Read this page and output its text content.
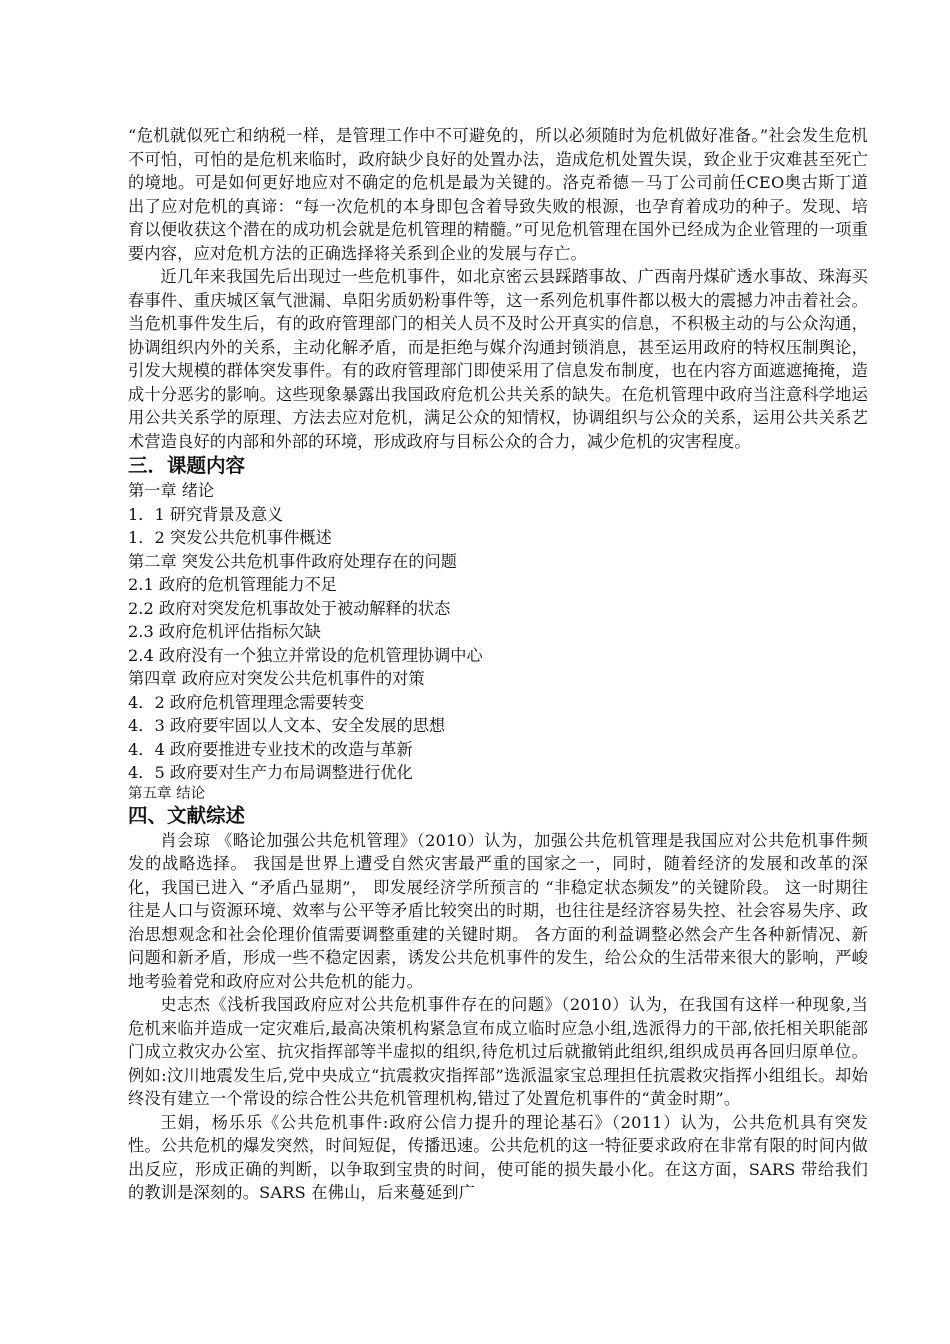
“危机就似死亡和纳税一样，是管理工作中不可避免的，所以必须随时为危机做好准备。”社会发生危机不可怕，可怕的是危机来临时，政府缺少良好的处置办法，造成危机处置失误，致企业于灾难甚至死亡的境地。可是如何更好地应对不确定的危机是最为关键的。洛克希德－马丁公司前任CEO奥古斯丁道出了应对危机的真谛：“每一次危机的本身即包含着导致失败的根源，也孕育着成功的种子。发现、培育以便收获这个潜在的成功机会就是危机管理的精髓。”可见危机管理在国外已经成为企业管理的一项重要内容，应对危机方法的正确选择将关系到企业的发展与存亡。

近几年来我国先后出现过一些危机事件，如北京密云县踩踏事故、广西南丹煤矿透水事故、珠海买春事件、重庆城区氧气泄漏、阜阳劣质奶粉事件等，这一系列危机事件都以极大的震撼力冲击着社会。当危机事件发生后，有的政府管理部门的相关人员不及时公开真实的信息，不积极主动的与公众沟通，协调组织内外的关系，主动化解矛盾，而是拒绝与媒介沟通封锁消息，甚至运用政府的特权压制舆论，引发大规模的群体突发事件。有的政府管理部门即使采用了信息发布制度，也在内容方面遮遮掩掩，造成十分恶劣的影响。这些现象暴露出我国政府危机公共关系的缺失。在危机管理中政府当注意科学地运用公共关系学的原理、方法去应对危机，满足公众的知情权，协调组织与公众的关系，运用公共关系艺术营造良好的内部和外部的环境，形成政府与目标公众的合力，减少危机的灾害程度。

三．课题内容
第一章 绪论
1．1 研究背景及意义
1．2 突发公共危机事件概述
第二章 突发公共危机事件政府处理存在的问题
2.1 政府的危机管理能力不足
2.2 政府对突发危机事故处于被动解释的状态
2.3 政府危机评估指标欠缺
2.4 政府没有一个独立并常设的危机管理协调中心
第四章 政府应对突发公共危机事件的对策
4．2 政府危机管理理念需要转变
4．3 政府要牢固以人文本、安全发展的思想
4．4 政府要推进专业技术的改造与革新
4．5 政府要对生产力布局调整进行优化
第五章 结论
四、文献综述

肖会琼 《略论加强公共危机管理》（2010）认为，加强公共危机管理是我国应对公共危机事件频发的战略选择。 我国是世界上遭受自然灾害最严重的国家之一，同时，随着经济的发展和改革的深化，我国已进入 “矛盾凸显期”， 即发展经济学所预言的 “非稳定状态频发”的关键阶段。 这一时期往往是人口与资源环境、效率与公平等矛盾比较突出的时期，也往往是经济容易失控、社会容易失序、政治思想观念和社会伦理价值需要调整重建的关键时期。 各方面的利益调整必然会产生各种新情况、新问题和新矛盾，形成一些不稳定因素，诱发公共危机事件的发生，给公众的生活带来很大的影响，严峻地考验着党和政府应对公共危机的能力。

史志杰《浅析我国政府应对公共危机事件存在的问题》（2010）认为，在我国有这样一种现象,当危机来临并造成一定灾难后,最高决策机构紧急宣布成立临时应急小组,选派得力的干部,依托相关职能部门成立救灾办公室、抗灾指挥部等半虚拟的组织,待危机过后就撤销此组织,组织成员再各回归原单位。例如:汶川地震发生后,党中央成立“抗震救灾指挥部”选派温家宝总理担任抗震救灾指挥小组组长。却始终没有建立一个常设的综合性公共危机管理机构,错过了处置危机事件的“黄金时期”。

王娟，杨乐乐《公共危机事件:政府公信力提升的理论基石》（2011）认为，公共危机具有突发性。公共危机的爆发突然，时间短促，传播迅速。公共危机的这一特征要求政府在非常有限的时间内做出反应，形成正确的判断，以争取到宝贵的时间，使可能的损失最小化。在这方面，SARS 带给我们的教训是深刻的。SARS 在佛山，后来蔓延到广
